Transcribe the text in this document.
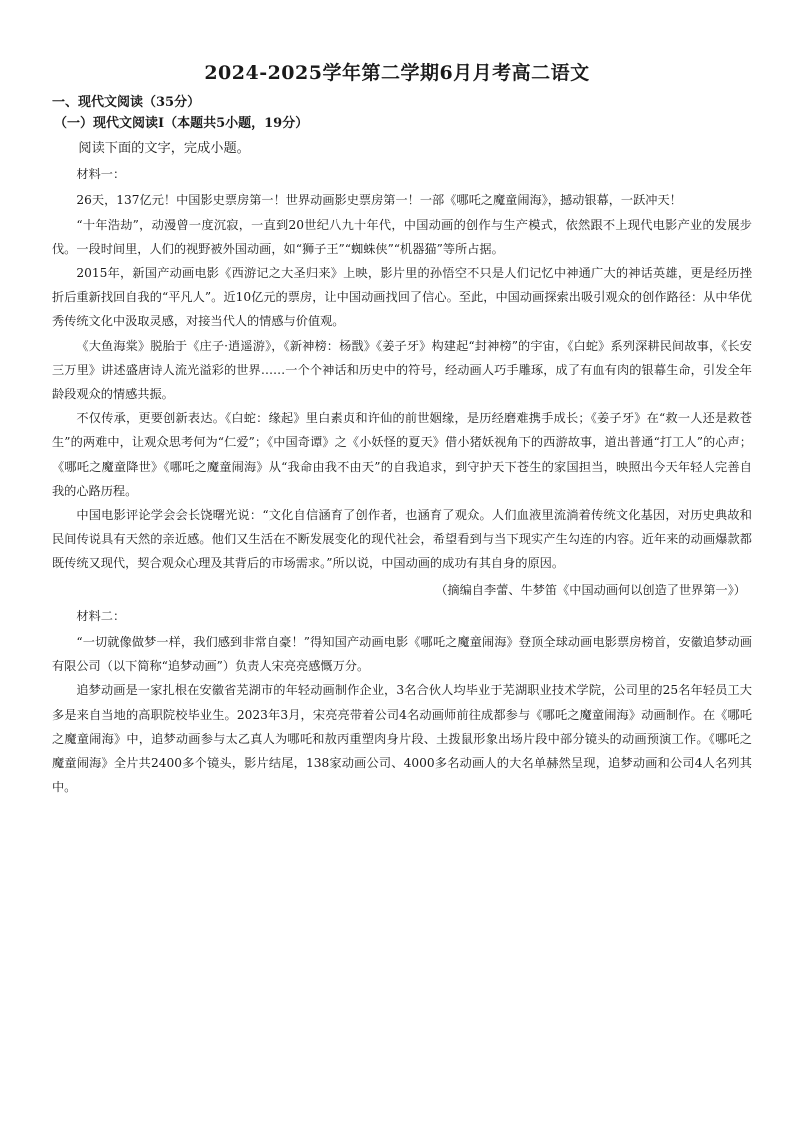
2024-2025学年第二学期6月月考高二语文
一、现代文阅读（35分）
（一）现代文阅读Ⅰ（本题共5小题，19分）

阅读下面的文字，完成小题。

材料一：

26天，137亿元！中国影史票房第一！世界动画影史票房第一！一部《哪吒之魔童闹海》，撼动银幕，一跃冲天！

“十年浩劫”，动漫曾一度沉寂，一直到20世纪八九十年代，中国动画的创作与生产模式，依然跟不上现代电影产业的发展步伐。一段时间里，人们的视野被外国动画，如“狮子王”“蜘蛛侠”“机器猫”等所占据。

2015年，新国产动画电影《西游记之大圣归来》上映，影片里的孙悟空不只是人们记忆中神通广大的神话英雄，更是经历挫折后重新找回自我的“平凡人”。近10亿元的票房，让中国动画找回了信心。至此，中国动画探索出吸引观众的创作路径：从中华优秀传统文化中汲取灵感，对接当代人的情感与价值观。

《大鱼海棠》脱胎于《庄子·逍遥游》，《新神榜：杨戬》《姜子牙》构建起“封神榜”的宇宙，《白蛇》系列深耕民间故事，《长安三万里》讲述盛唐诗人流光溢彩的世界……一个个神话和历史中的符号，经动画人巧手雕琢，成了有血有肉的银幕生命，引发全年龄段观众的情感共振。

不仅传承，更要创新表达。《白蛇：缘起》里白素贞和许仙的前世姻缘，是历经磨难携手成长；《姜子牙》在“救一人还是救苍生”的两难中，让观众思考何为“仁爱”；《中国奇谭》之《小妖怪的夏天》借小猪妖视角下的西游故事，道出普通“打工人”的心声；《哪吒之魔童降世》《哪吒之魔童闹海》从“我命由我不由天”的自我追求，到守护天下苍生的家国担当，映照出今天年轻人完善自我的心路历程。

中国电影评论学会会长饶曙光说：“文化自信涵育了创作者，也涵育了观众。人们血液里流淌着传统文化基因，对历史典故和民间传说具有天然的亲近感。他们又生活在不断发展变化的现代社会，希望看到与当下现实产生勾连的内容。近年来的动画爆款都既传统又现代，契合观众心理及其背后的市场需求。”所以说，中国动画的成功有其自身的原因。

（摘编自李蕾、牛梦笛《中国动画何以创造了世界第一》）

材料二：

“一切就像做梦一样，我们感到非常自豪！”得知国产动画电影《哪吒之魔童闹海》登顶全球动画电影票房榜首，安徽追梦动画有限公司（以下简称“追梦动画”）负责人宋亮亮感慨万分。

追梦动画是一家扎根在安徽省芜湖市的年轻动画制作企业，3名合伙人均毕业于芜湖职业技术学院，公司里的25名年轻员工大多是来自当地的高职院校毕业生。2023年3月，宋亮亮带着公司4名动画师前往成都参与《哪吒之魔童闹海》动画制作。在《哪吒之魔童闹海》中，追梦动画参与太乙真人为哪吒和敖丙重塑肉身片段、土拨鼠形象出场片段中部分镜头的动画预演工作。《哪吒之魔童闹海》全片共2400多个镜头，影片结尾，138家动画公司、4000多名动画人的大名单赫然呈现，追梦动画和公司4人名列其中。
